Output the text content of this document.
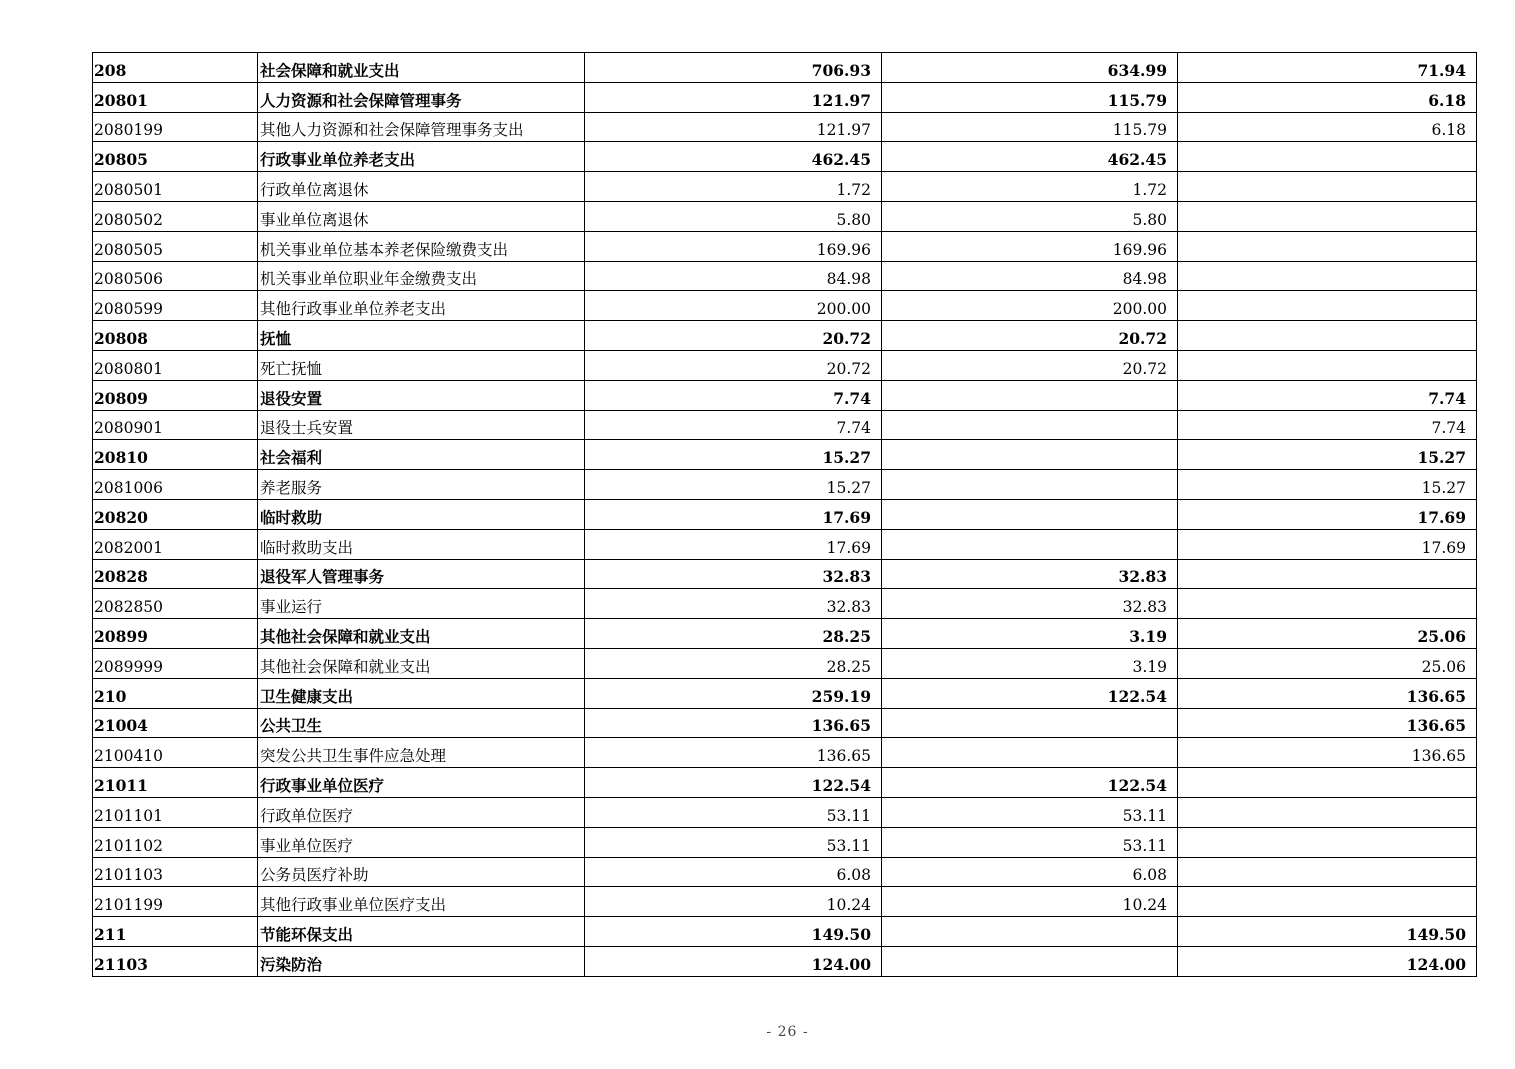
208	社会保障和就业支出	706.93	634.99	71.94
20801	人力资源和社会保障管理事务	121.97	115.79	6.18
2080199	其他人力资源和社会保障管理事务支出	121.97	115.79	6.18
20805	行政事业单位养老支出	462.45	462.45	
2080501	行政单位离退休	1.72	1.72	
2080502	事业单位离退休	5.80	5.80	
2080505	机关事业单位基本养老保险缴费支出	169.96	169.96	
2080506	机关事业单位职业年金缴费支出	84.98	84.98	
2080599	其他行政事业单位养老支出	200.00	200.00	
20808	抚恤	20.72	20.72	
2080801	死亡抚恤	20.72	20.72	
20809	退役安置	7.74		7.74
2080901	退役士兵安置	7.74		7.74
20810	社会福利	15.27		15.27
2081006	养老服务	15.27		15.27
20820	临时救助	17.69		17.69
2082001	临时救助支出	17.69		17.69
20828	退役军人管理事务	32.83	32.83	
2082850	事业运行	32.83	32.83	
20899	其他社会保障和就业支出	28.25	3.19	25.06
2089999	其他社会保障和就业支出	28.25	3.19	25.06
210	卫生健康支出	259.19	122.54	136.65
21004	公共卫生	136.65		136.65
2100410	突发公共卫生事件应急处理	136.65		136.65
21011	行政事业单位医疗	122.54	122.54	
2101101	行政单位医疗	53.11	53.11	
2101102	事业单位医疗	53.11	53.11	
2101103	公务员医疗补助	6.08	6.08	
2101199	其他行政事业单位医疗支出	10.24	10.24	
211	节能环保支出	149.50		149.50
21103	污染防治	124.00		124.00
- 26 -
